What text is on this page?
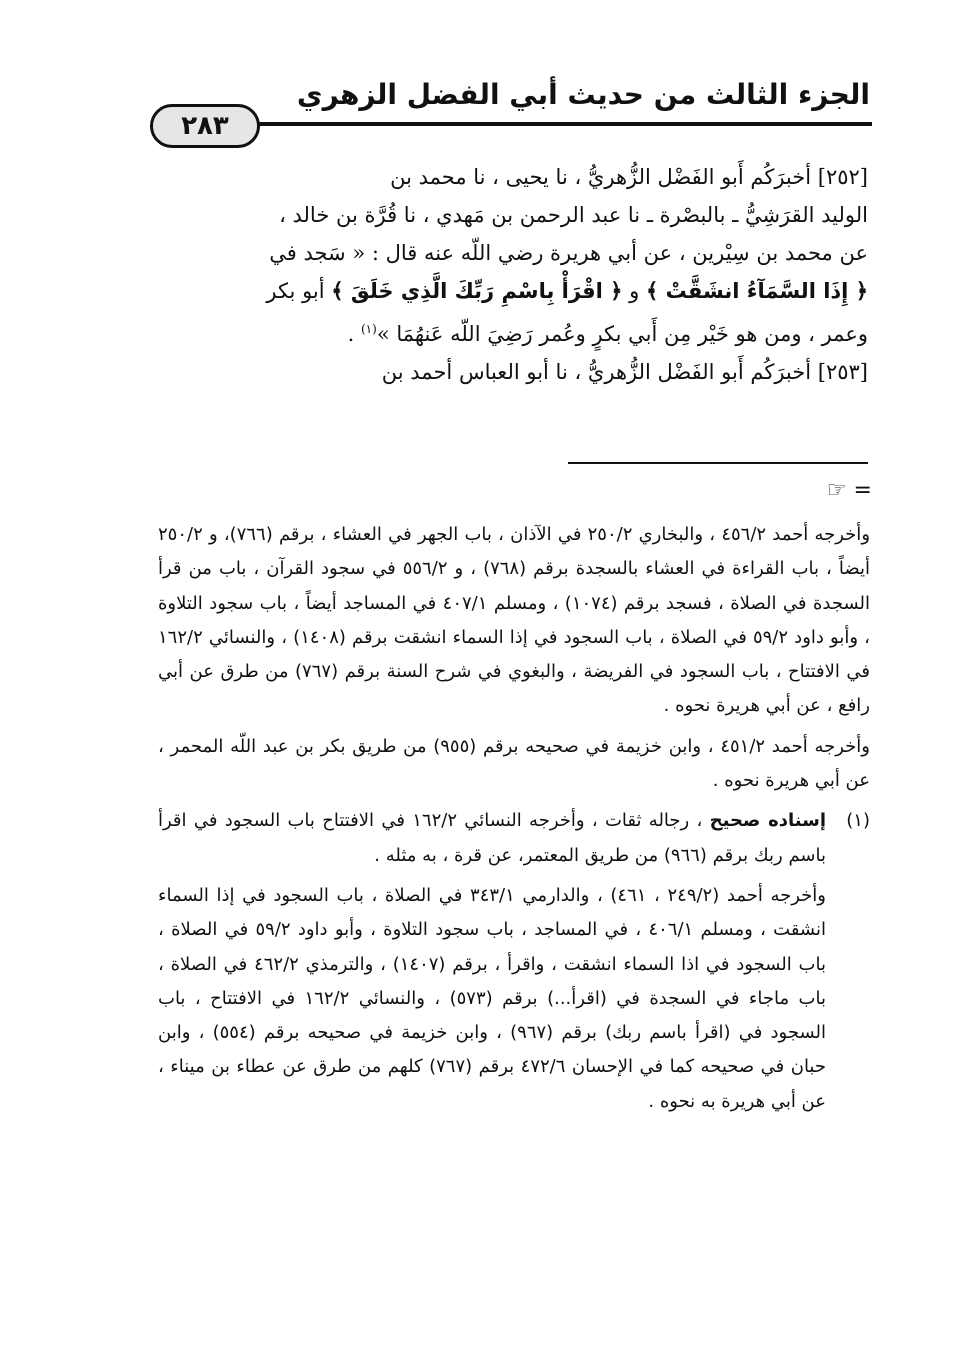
الجزء الثالث من حديث أبي الفضل الزهري
٢٨٣

[٢٥٢] أخبرَكُم أَبو الفَضْل الزُّهريُّ ، نا يحيى ، نا محمد بن

الوليد القرَشِيُّ ـ بالبصْرة ـ نا عبد الرحمن بن مَهدي ، نا قُرَّة بن خالد ،

عن محمد بن سِيْرين ، عن أبي هريرة رضي اللّه عنه قال : « سَجد في

﴿ إِذَا السَّمَآءُ انشَقَّتْ ﴾ و ﴿ اقْرَأْ بِاسْمِ رَبِّكَ الَّذِي خَلَقَ ﴾ أبو بكر

وعمر ، ومن هو خَيْر مِن أَبي بكرٍ وعُمر رَضِيَ اللّه عَنهُمَا »$^{(١)}$ .

[٢٥٣] أخبرَكُم أَبو الفَضْل الزُّهريُّ ، نا أبو العباس أحمد بن

= ☞

وأخرجه أحمد ٤٥٦/٢ ، والبخاري ٢٥٠/٢ في الآذان ، باب الجهر في العشاء ، برقم (٧٦٦)، و ٢٥٠/٢ أيضاً ، باب القراءة في العشاء بالسجدة برقم (٧٦٨) ، و ٥٥٦/٢ في سجود القرآن ، باب من قرأ السجدة في الصلاة ، فسجد برقم (١٠٧٤) ، ومسلم ٤٠٧/١ في المساجد أيضاً ، باب سجود التلاوة ، وأبو داود ٥٩/٢ في الصلاة ، باب السجود في إذا السماء انشقت برقم (١٤٠٨) ، والنسائي ١٦٢/٢ في الافتتاح ، باب السجود في الفريضة ، والبغوي في شرح السنة برقم (٧٦٧) من طرق عن أبي رافع ، عن أبي هريرة نحوه .

وأخرجه أحمد ٤٥١/٢ ، وابن خزيمة في صحيحه برقم (٩٥٥) من طريق بكر بن عبد اللّه المحمر ، عن أبي هريرة نحوه .

(١)
إسناده صحيح ، رجاله ثقات ، وأخرجه النسائي ١٦٢/٢ في الافتتاح باب السجود في اقرأ باسم ربك برقم (٩٦٦) من طريق المعتمر، عن قرة ، به مثله .

وأخرجه أحمد (٢٤٩/٢ ، ٤٦١) ، والدارمي ٣٤٣/١ في الصلاة ، باب السجود في إذا السماء انشقت ، ومسلم ٤٠٦/١ ، في المساجد ، باب سجود التلاوة ، وأبو داود ٥٩/٢ في الصلاة ، باب السجود في اذا السماء انشقت ، واقرأ ، برقم (١٤٠٧) ، والترمذي ٤٦٢/٢ في الصلاة ، باب ماجاء في السجدة في (اقرأ...) برقم (٥٧٣) ، والنسائي ١٦٢/٢ في الافتتاح ، باب السجود في (اقرأ باسم ربك) برقم (٩٦٧) ، وابن خزيمة في صحيحه برقم (٥٥٤) ، وابن حبان في صحيحه كما في الإحسان ٤٧٢/٦ برقم (٧٦٧) كلهم من طرق عن عطاء بن ميناء ، عن أبي هريرة به نحوه .
